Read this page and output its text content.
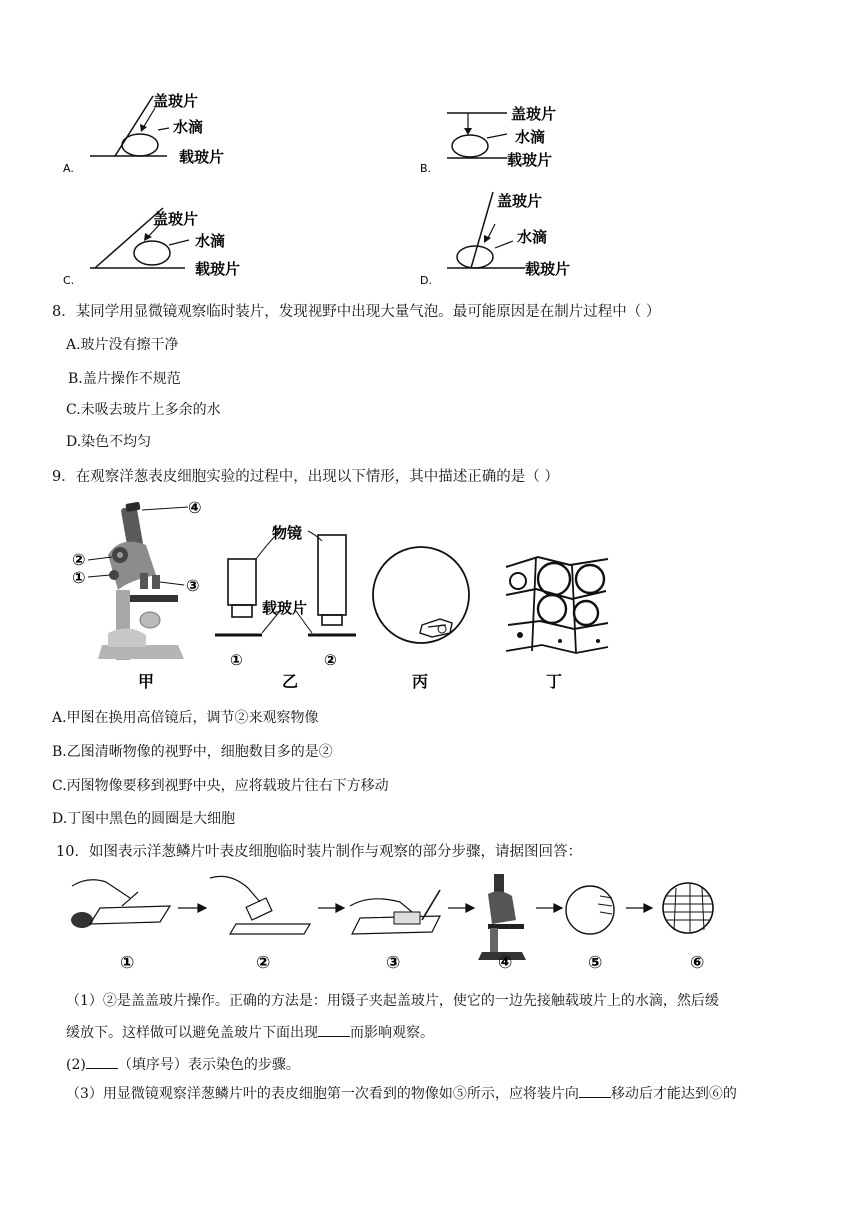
盖玻片
水滴
载玻片
A.
盖玻片
水滴
载玻片
B.
盖玻片
水滴
载玻片
C.
盖玻片
水滴
载玻片
D.
8．某同学用显微镜观察临时装片，发现视野中出现大量气泡。最可能原因是在制片过程中（ ）
A.玻片没有擦干净
B.盖片操作不规范
C.未吸去玻片上多余的水
D.染色不均匀
9．在观察洋葱表皮细胞实验的过程中，出现以下情形，其中描述正确的是（ ）
②
①	③
④
物镜
载玻片
①	②
甲	乙	丙	丁
A.甲图在换用高倍镜后，调节②来观察物像
B.乙图清晰物像的视野中，细胞数目多的是②
C.丙图物像要移到视野中央，应将载玻片往右下方移动
D.丁图中黑色的圆圈是大细胞
10．如图表示洋葱鳞片叶表皮细胞临时装片制作与观察的部分步骤，请据图回答：
①	②	③	④	⑤	⑥
（1）②是盖盖玻片操作。正确的方法是：用镊子夹起盖玻片，使它的一边先接触载玻片上的水滴，然后缓
缓放下。这样做可以避免盖玻片下面出现 而影响观察。
(2) （填序号）表示染色的步骤。
（3）用显微镜观察洋葱鳞片叶的表皮细胞第一次看到的物像如⑤所示，应将装片向 移动后才能达到⑥的
